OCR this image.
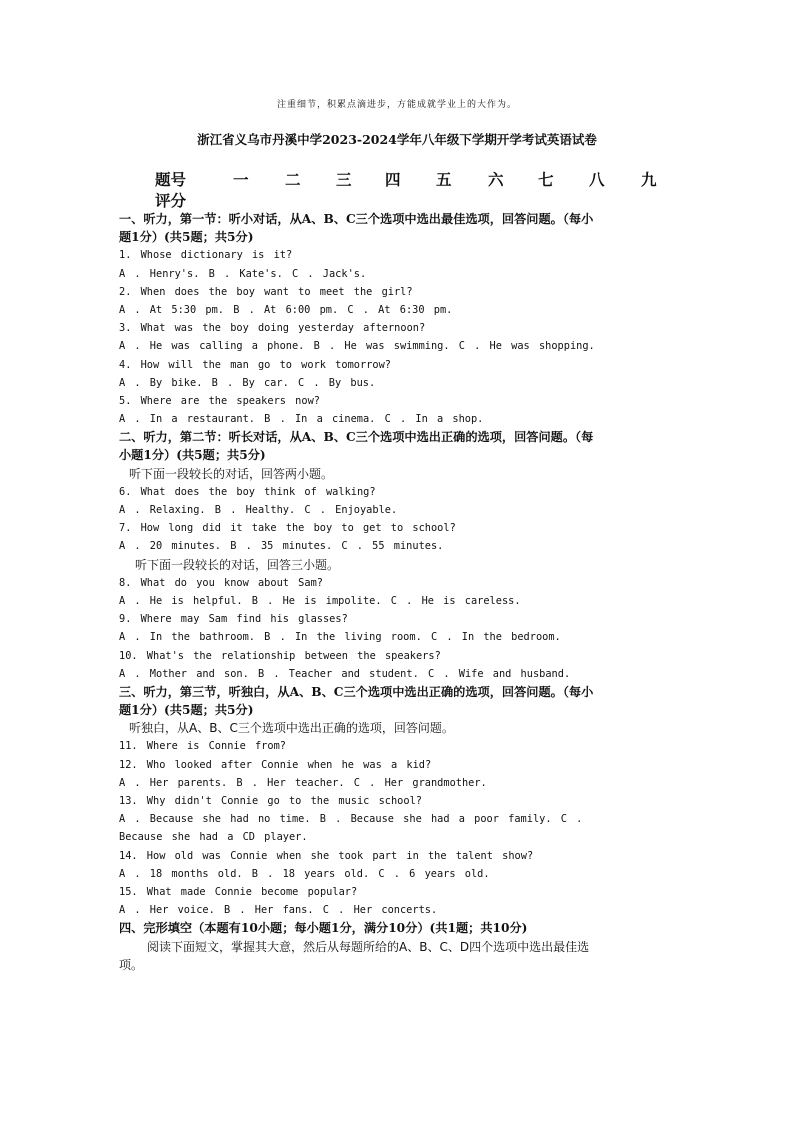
注重细节，积累点滴进步，方能成就学业上的大作为。
浙江省义乌市丹溪中学2023-2024学年八年级下学期开学考试英语试卷
题号	一 二 三 四 五 六 七 八 九
评分
一、听力，第一节：听小对话，从A、B、C三个选项中选出最佳选项，回答问题。（每小
题1分）(共5题；共5分)
1. Whose dictionary is it?
A . Henry's. B . Kate's. C . Jack's.
2. When does the boy want to meet the girl?
A . At 5:30 pm. B . At 6:00 pm. C . At 6:30 pm.
3. What was the boy doing yesterday afternoon?
A . He was calling a phone. B . He was swimming. C . He was shopping.
4. How will the man go to work tomorrow?
A . By bike. B . By car. C . By bus.
5. Where are the speakers now?
A . In a restaurant. B . In a cinema. C . In a shop.
二、听力，第二节：听长对话，从A、B、C三个选项中选出正确的选项，回答问题。（每
小题1分）(共5题；共5分)
听下面一段较长的对话，回答两小题。
6. What does the boy think of walking?
A . Relaxing. B . Healthy. C . Enjoyable.
7. How long did it take the boy to get to school?
A . 20 minutes. B . 35 minutes. C . 55 minutes.
听下面一段较长的对话，回答三小题。
8. What do you know about Sam?
A . He is helpful. B . He is impolite. C . He is careless.
9. Where may Sam find his glasses?
A . In the bathroom. B . In the living room. C . In the bedroom.
10. What's the relationship between the speakers?
A . Mother and son. B . Teacher and student. C . Wife and husband.
三、听力，第三节，听独白，从A、B、C三个选项中选出正确的选项，回答问题。（每小
题1分）(共5题；共5分)
听独白，从A、B、C三个选项中选出正确的选项，回答问题。
11. Where is Connie from?
12. Who looked after Connie when he was a kid?
A . Her parents. B . Her teacher. C . Her grandmother.
13. Why didn't Connie go to the music school?
A . Because she had no time. B . Because she had a poor family. C .
Because she had a CD player.
14. How old was Connie when she took part in the talent show?
A . 18 months old. B . 18 years old. C . 6 years old.
15. What made Connie become popular?
A . Her voice. B . Her fans. C . Her concerts.
四、完形填空（本题有10小题；每小题1分，满分10分）(共1题；共10分)
阅读下面短文，掌握其大意，然后从每题所给的A、B、C、D四个选项中选出最佳选
项。
